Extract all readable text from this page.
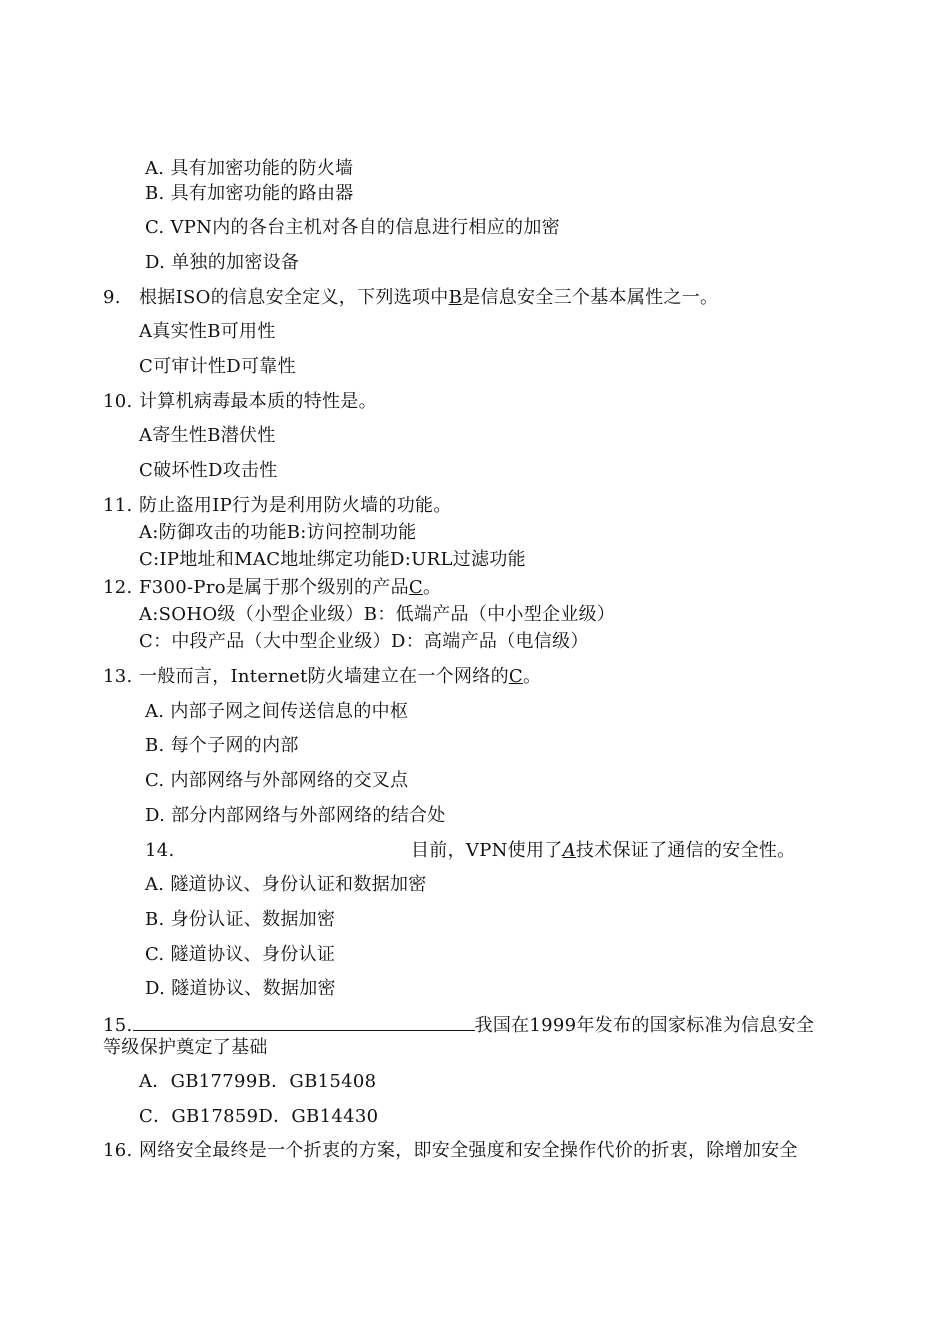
A. 具有加密功能的防火墙
B. 具有加密功能的路由器
C. VPN内的各台主机对各自的信息进行相应的加密
D. 单独的加密设备
9. 根据ISO的信息安全定义，下列选项中B是信息安全三个基本属性之一。
A真实性B可用性
C可审计性D可靠性
10. 计算机病毒最本质的特性是。
A寄生性B潜伏性
C破坏性D攻击性
11. 防止盗用IP行为是利用防火墙的功能。
A:防御攻击的功能B:访问控制功能
C:IP地址和MAC地址绑定功能D:URL过滤功能
12. F300-Pro是属于那个级别的产品C。
A:SOHO级（小型企业级）B：低端产品（中小型企业级）
C：中段产品（大中型企业级）D：高端产品（电信级）
13. 一般而言，Internet防火墙建立在一个网络的C。
A. 内部子网之间传送信息的中枢
B. 每个子网的内部
C. 内部网络与外部网络的交叉点
D. 部分内部网络与外部网络的结合处
14.	目前，VPN使用了A技术保证了通信的安全性。
A. 隧道协议、身份认证和数据加密
B. 身份认证、数据加密
C. 隧道协议、身份认证
D. 隧道协议、数据加密
15.	我国在1999年发布的国家标准为信息安全
等级保护奠定了基础
A．GB17799B．GB15408
C．GB17859D．GB14430
16. 网络安全最终是一个折衷的方案，即安全强度和安全操作代价的折衷，除增加安全
